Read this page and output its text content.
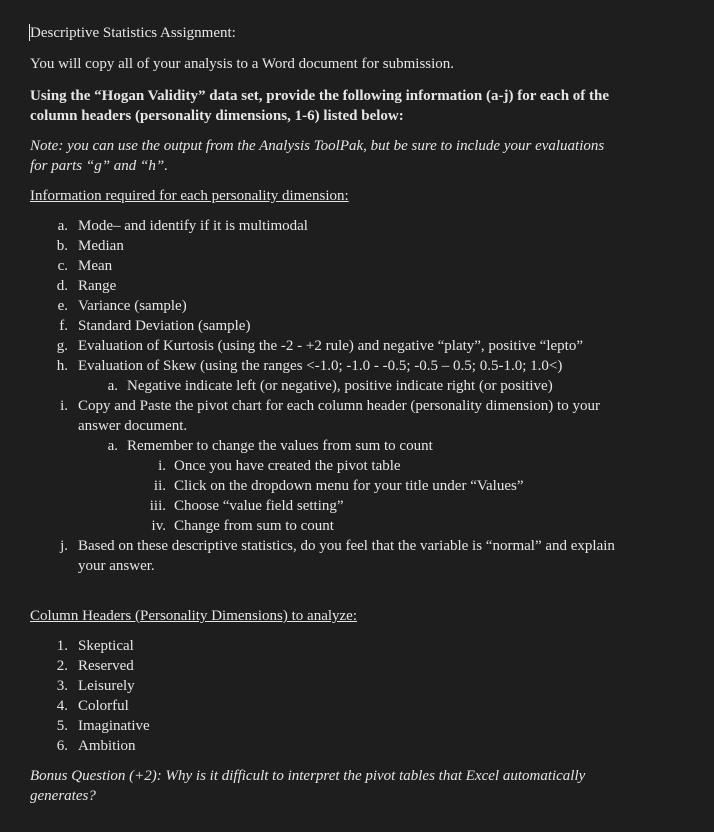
Descriptive Statistics Assignment:
You will copy all of your analysis to a Word document for submission.
Using the “Hogan Validity” data set, provide the following information (a-j) for each of the
column headers (personality dimensions, 1-6) listed below:
Note: you can use the output from the Analysis ToolPak, but be sure to include your evaluations
for parts “g” and “h”.
Information required for each personality dimension:
a. Mode– and identify if it is multimodal
b. Median
c. Mean
d. Range
e. Variance (sample)
f. Standard Deviation (sample)
g. Evaluation of Kurtosis (using the -2 - +2 rule) and negative “platy”, positive “lepto”
h. Evaluation of Skew (using the ranges <-1.0; -1.0 - -0.5; -0.5 – 0.5; 0.5-1.0; 1.0<)
a. Negative indicate left (or negative), positive indicate right (or positive)
i. Copy and Paste the pivot chart for each column header (personality dimension) to your
answer document.
a. Remember to change the values from sum to count
i. Once you have created the pivot table
ii. Click on the dropdown menu for your title under “Values”
iii. Choose “value field setting”
iv. Change from sum to count
j. Based on these descriptive statistics, do you feel that the variable is “normal” and explain
your answer.
Column Headers (Personality Dimensions) to analyze:
1. Skeptical
2. Reserved
3. Leisurely
4. Colorful
5. Imaginative
6. Ambition
Bonus Question (+2): Why is it difficult to interpret the pivot tables that Excel automatically
generates?
